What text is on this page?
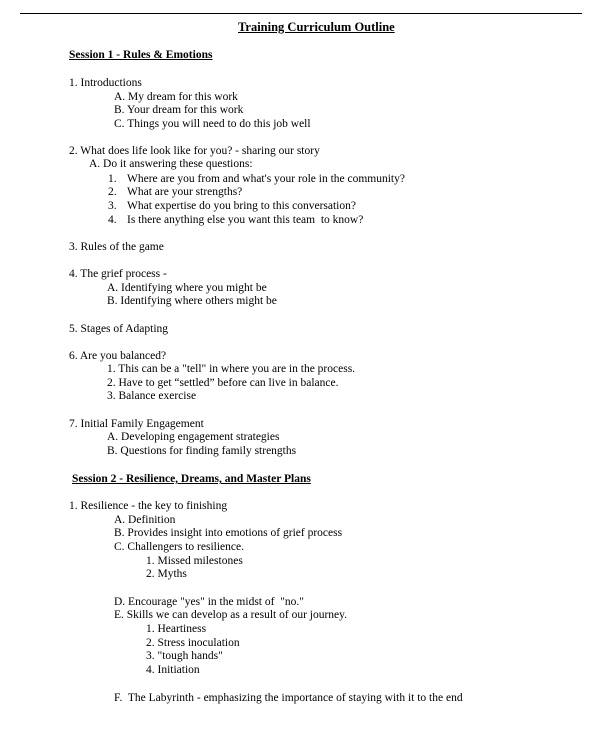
Training Curriculum Outline
Session 1 - Rules & Emotions
1. Introductions
A. My dream for this work
B. Your dream for this work
C. Things you will need to do this job well
2. What does life look like for you? - sharing our story
A. Do it answering these questions:
1. Where are you from and what's your role in the community?
2. What are your strengths?
3. What expertise do you bring to this conversation?
4. Is there anything else you want this team  to know?
3. Rules of the game
4. The grief process -
A. Identifying where you might be
B. Identifying where others might be
5. Stages of Adapting
6. Are you balanced?
1. This can be a "tell" in where you are in the process.
2. Have to get “settled” before can live in balance.
3. Balance exercise
7. Initial Family Engagement
A. Developing engagement strategies
B. Questions for finding family strengths
Session 2 - Resilience, Dreams, and Master Plans
1. Resilience - the key to finishing
A. Definition
B. Provides insight into emotions of grief process
C. Challengers to resilience.
1. Missed milestones
2. Myths
D. Encourage "yes" in the midst of  "no."
E. Skills we can develop as a result of our journey.
1. Heartiness
2. Stress inoculation
3. "tough hands"
4. Initiation
F.  The Labyrinth - emphasizing the importance of staying with it to the end
